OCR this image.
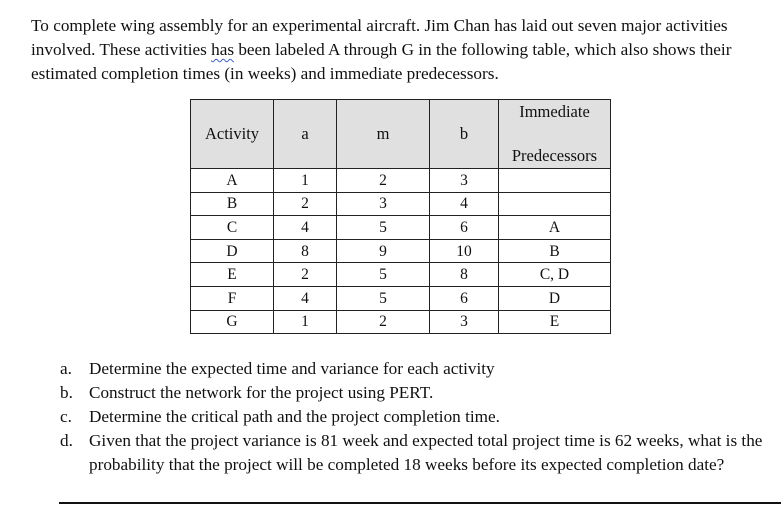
To complete wing assembly for an experimental aircraft. Jim Chan has laid out seven major activities involved. These activities has been labeled A through G in the following table, which also shows their estimated completion times (in weeks) and immediate predecessors.

Activity	a	m	b	Immediate
Predecessors

A	1	2	3	
B	2	3	4	
C	4	5	6	A
D	8	9	10	B
E	2	5	8	C, D
F	4	5	6	D
G	1	2	3	E
a. Determine the expected time and variance for each activity
b. Construct the network for the project using PERT.
c. Determine the critical path and the project completion time.
d. Given that the project variance is 81 week and expected total project time is 62 weeks, what is the probability that the project will be completed 18 weeks before its expected completion date?
